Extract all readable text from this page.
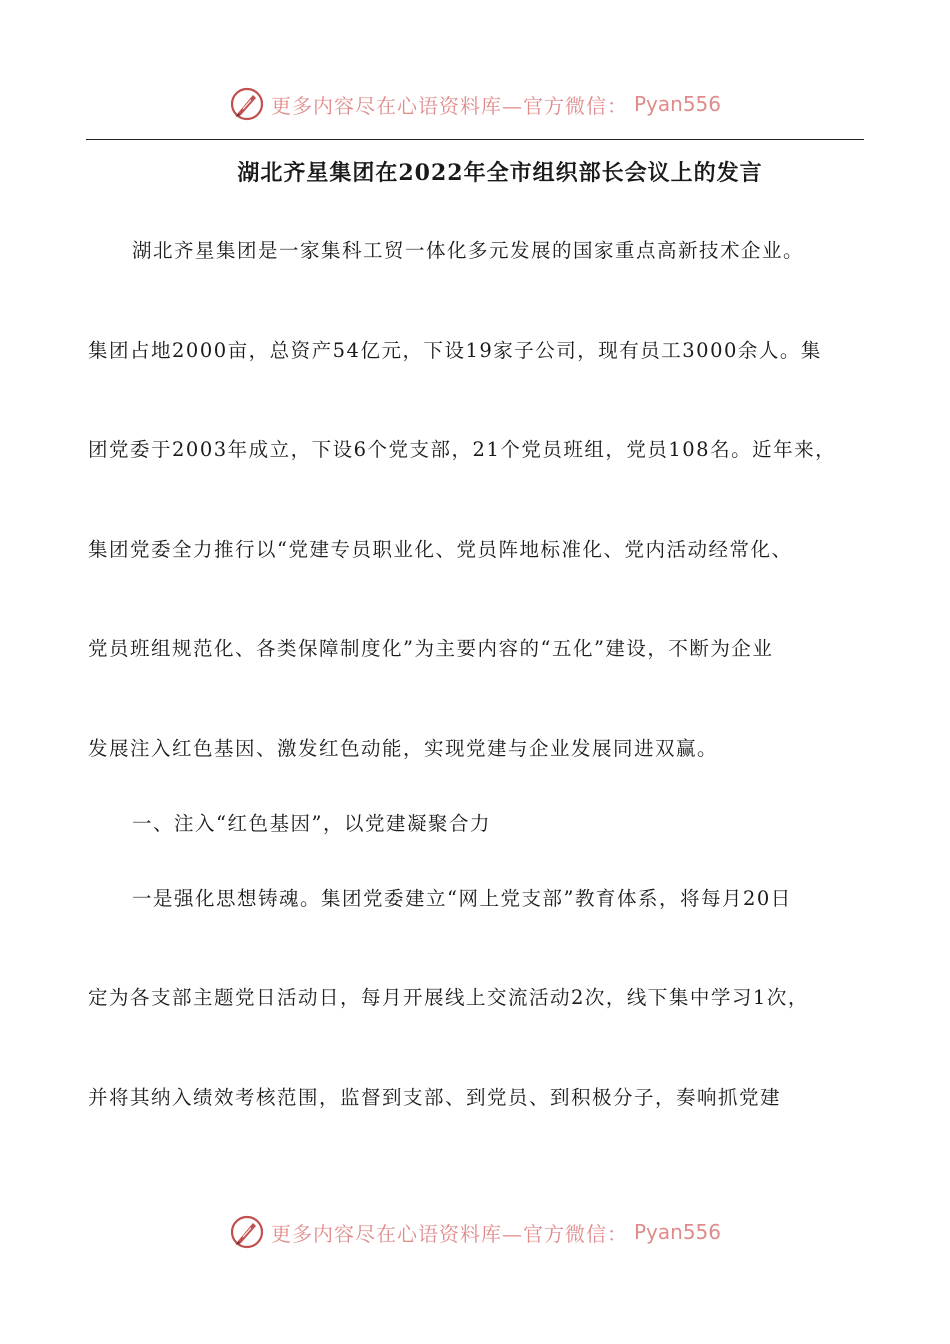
更多内容尽在心语资料库—官方微信： Pyan556
湖北齐星集团在2022年全市组织部长会议上的发言

湖北齐星集团是一家集科工贸一体化多元发展的国家重点高新技术企业。

集团占地2000亩，总资产54亿元，下设19家子公司，现有员工3000余人。集

团党委于2003年成立，下设6个党支部，21个党员班组，党员108名。近年来，

集团党委全力推行以“党建专员职业化、党员阵地标准化、党内活动经常化、

党员班组规范化、各类保障制度化”为主要内容的“五化”建设，不断为企业

发展注入红色基因、激发红色动能，实现党建与企业发展同进双赢。

一、注入“红色基因”，以党建凝聚合力

一是强化思想铸魂。集团党委建立“网上党支部”教育体系，将每月20日

定为各支部主题党日活动日，每月开展线上交流活动2次，线下集中学习1次，

并将其纳入绩效考核范围，监督到支部、到党员、到积极分子，奏响抓党建

更多内容尽在心语资料库—官方微信： Pyan556
